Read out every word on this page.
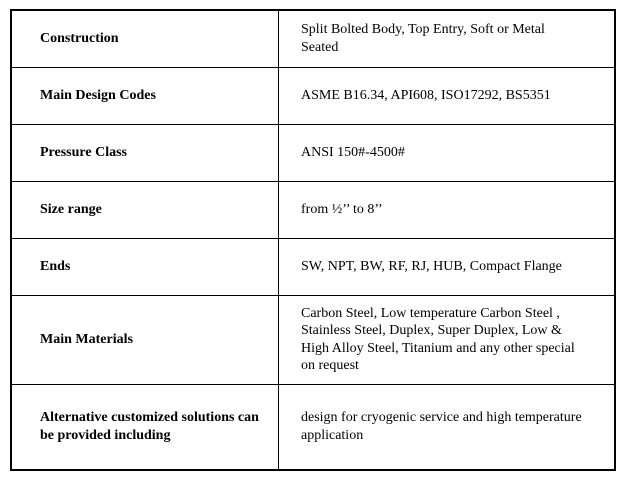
Construction	Split Bolted Body, Top Entry, Soft or Metal Seated
Main Design Codes	ASME B16.34, API608, ISO17292, BS5351
Pressure Class	ANSI 150#-4500#
Size range	from ½’’ to 8’’
Ends	SW, NPT, BW, RF, RJ, HUB, Compact Flange
Main Materials	Carbon Steel, Low temperature Carbon Steel , Stainless Steel, Duplex, Super Duplex, Low & High Alloy Steel, Titanium and any other special on request
Alternative customized solutions can be provided including	design for cryogenic service and high temperature application
